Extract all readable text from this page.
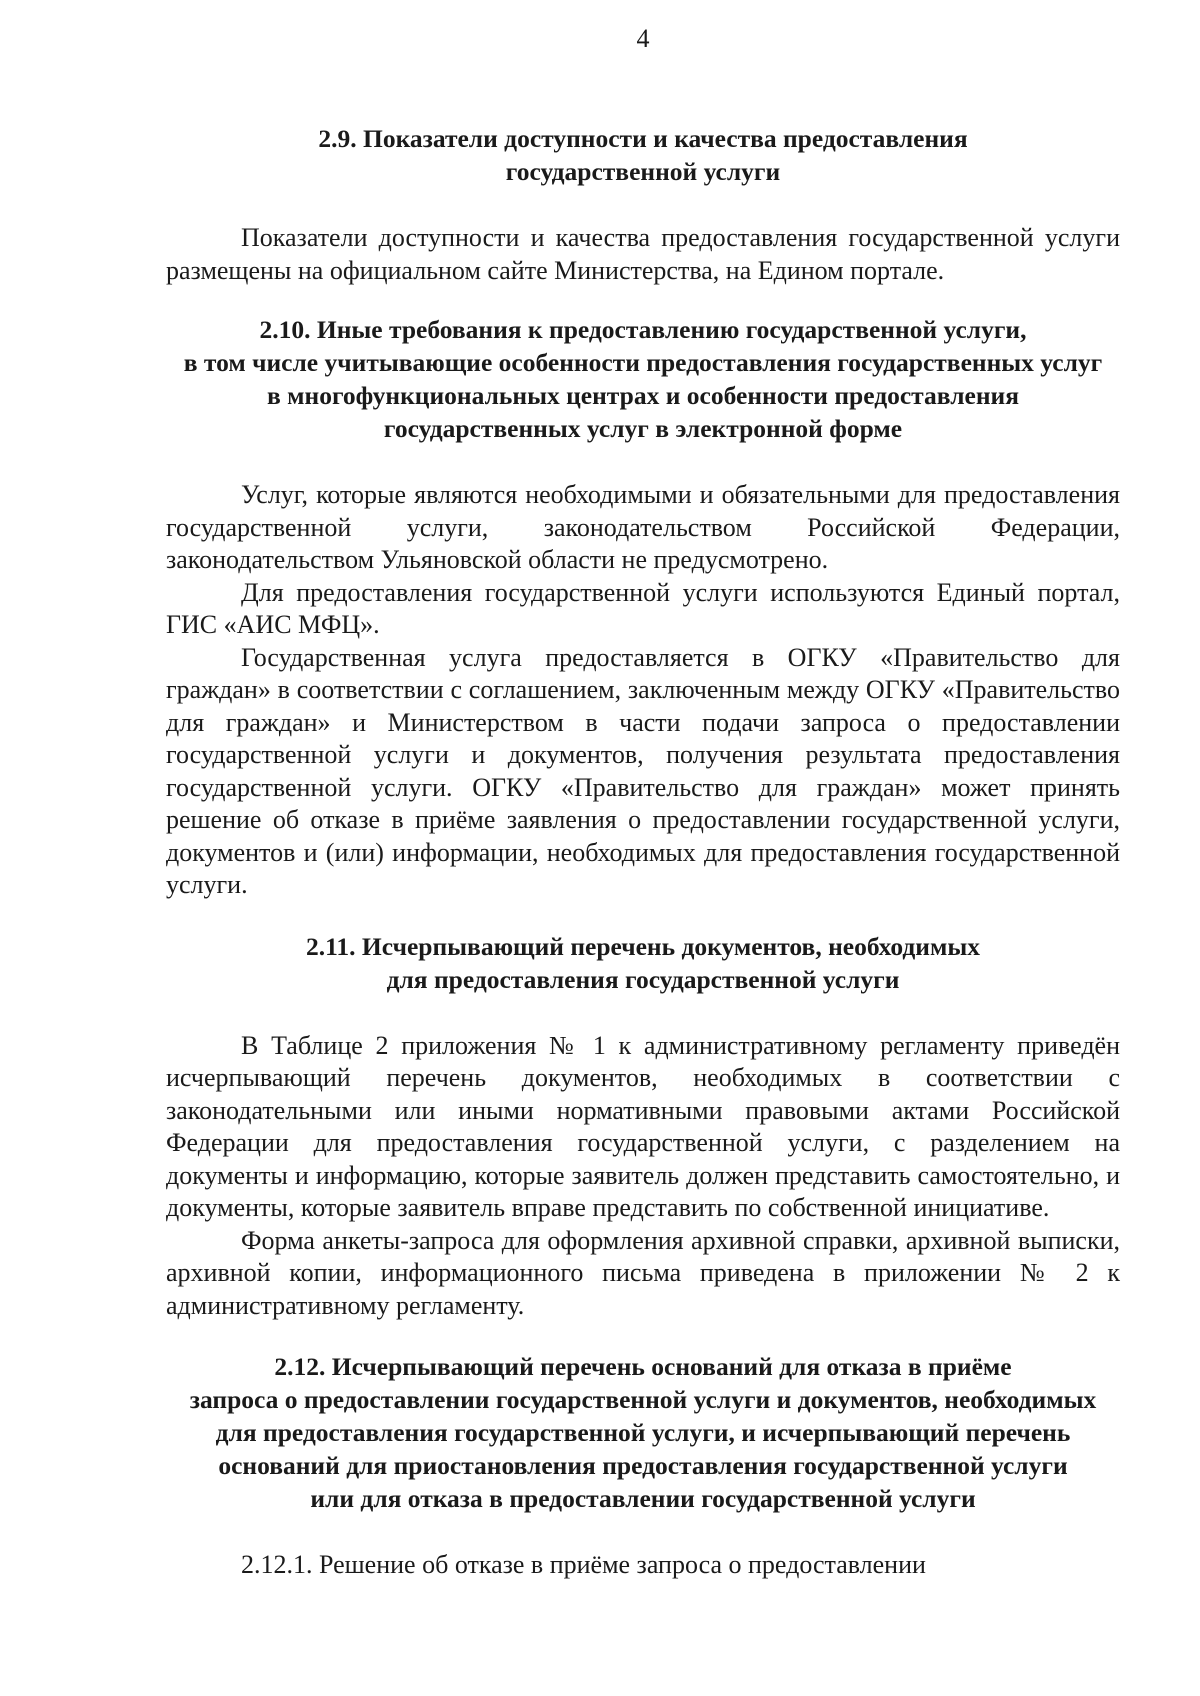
4
2.9. Показатели доступности и качества предоставления
государственной услуги

Показатели доступности и качества предоставления государственной услуги размещены на официальном сайте Министерства, на Едином портале.

2.10. Иные требования к предоставлению государственной услуги,
в том числе учитывающие особенности предоставления государственных услуг
в многофункциональных центрах и особенности предоставления
государственных услуг в электронной форме

Услуг, которые являются необходимыми и обязательными для предоставления государственной услуги, законодательством Российской Федерации, законодательством Ульяновской области не предусмотрено.

Для предоставления государственной услуги используются Единый портал, ГИС «АИС МФЦ».

Государственная услуга предоставляется в ОГКУ «Правительство для граждан» в соответствии с соглашением, заключенным между ОГКУ «Правительство для граждан» и Министерством в части подачи запроса о предоставлении государственной услуги и документов, получения результата предоставления государственной услуги. ОГКУ «Правительство для граждан» может принять решение об отказе в приёме заявления о предоставлении государственной услуги, документов и (или) информации, необходимых для предоставления государственной услуги.

2.11. Исчерпывающий перечень документов, необходимых
для предоставления государственной услуги

В Таблице 2 приложения № 1 к административному регламенту приведён исчерпывающий перечень документов, необходимых в соответствии с законодательными или иными нормативными правовыми актами Российской Федерации для предоставления государственной услуги, с разделением на документы и информацию, которые заявитель должен представить самостоятельно, и документы, которые заявитель вправе представить по собственной инициативе.

Форма анкеты-запроса для оформления архивной справки, архивной выписки, архивной копии, информационного письма приведена в приложении № 2 к административному регламенту.

2.12. Исчерпывающий перечень оснований для отказа в приёме
запроса о предоставлении государственной услуги и документов, необходимых
для предоставления государственной услуги, и исчерпывающий перечень
оснований для приостановления предоставления государственной услуги
или для отказа в предоставлении государственной услуги

2.12.1. Решение об отказе в приёме запроса о предоставлении
